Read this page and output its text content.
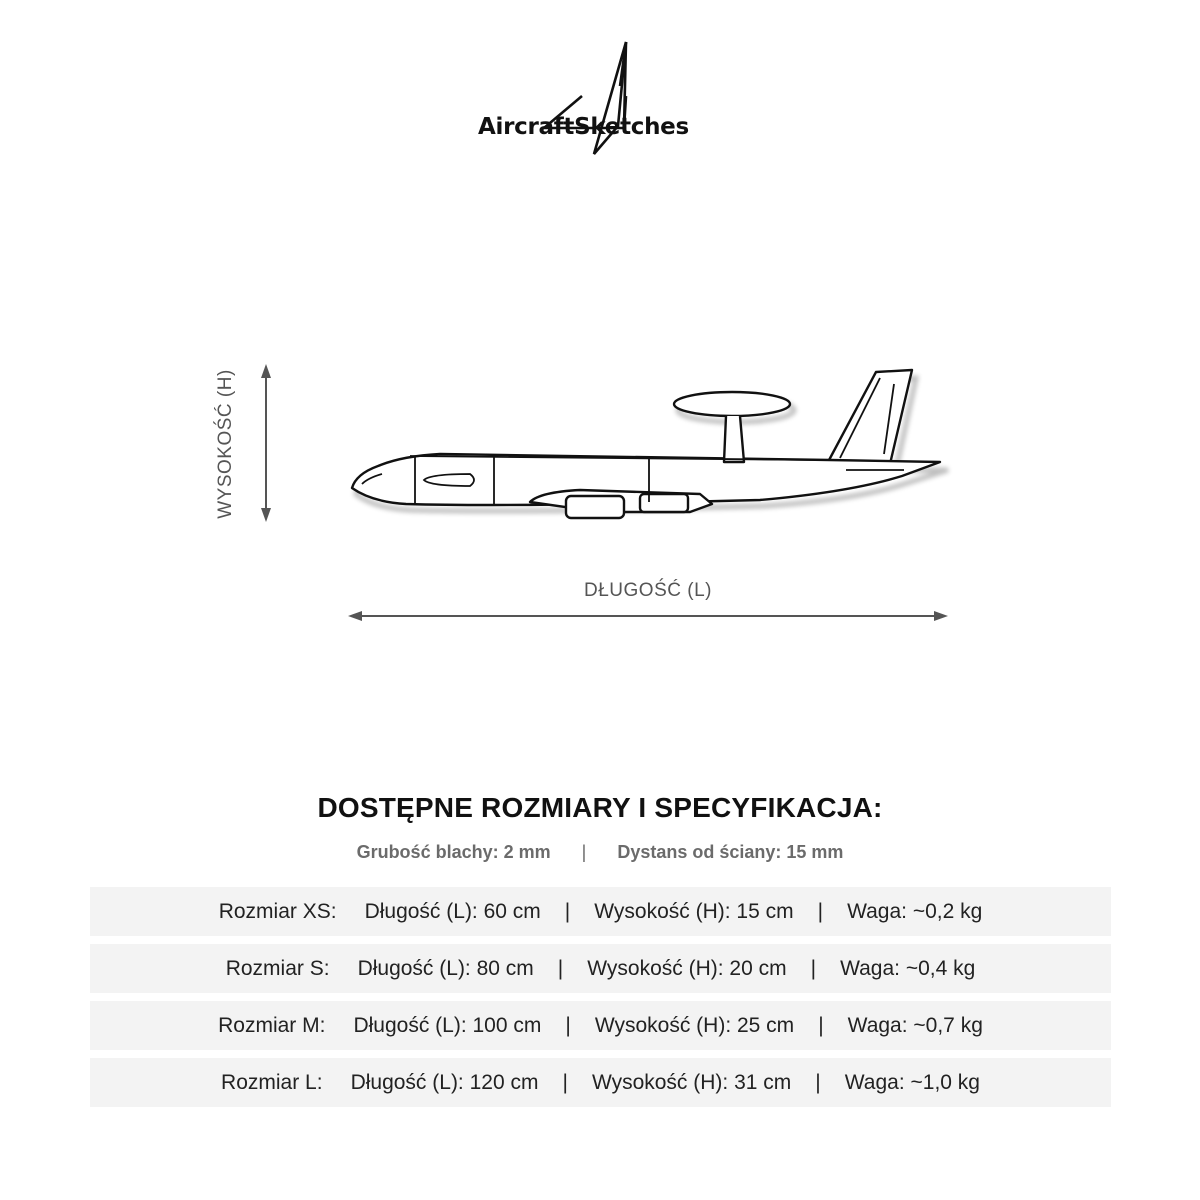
AircraftSketches
WYSOKOŚĆ (H)
DŁUGOŚĆ (L)
DOSTĘPNE ROZMIARY I SPECYFIKACJA:
Grubość blachy: 2 mm | Dystans od ściany: 15 mm
Rozmiar XS: Długość (L): 60 cm | Wysokość (H): 15 cm | Waga: ~0,2 kg
Rozmiar S: Długość (L): 80 cm | Wysokość (H): 20 cm | Waga: ~0,4 kg
Rozmiar M: Długość (L): 100 cm | Wysokość (H): 25 cm | Waga: ~0,7 kg
Rozmiar L: Długość (L): 120 cm | Wysokość (H): 31 cm | Waga: ~1,0 kg
